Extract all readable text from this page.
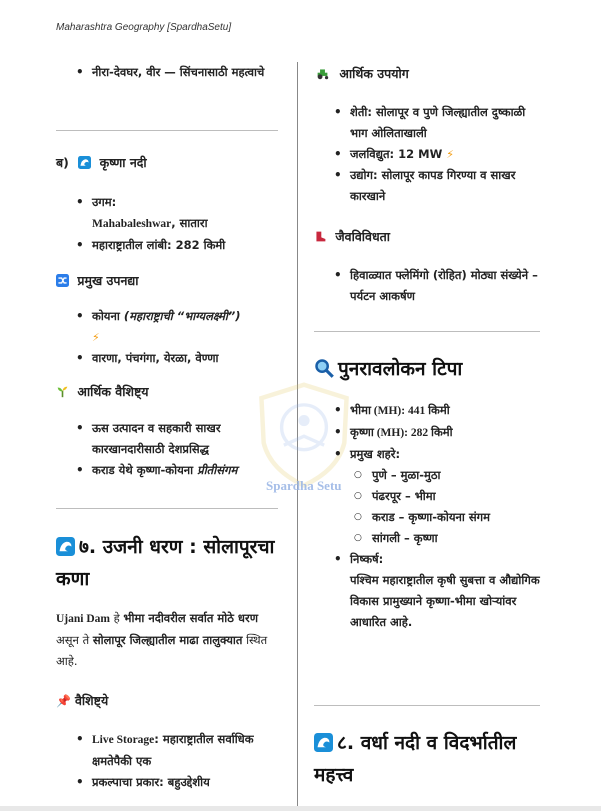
Maharashtra Geography [SpardhaSetu]
Spardha Setu
• नीरा-देवघर, वीर — सिंचनासाठी महत्वाचे
ब) कृष्णा नदी
• उगम:
Mahabaleshwar, सातारा
• महाराष्ट्रातील लांबी: 282 किमी
प्रमुख उपनद्या
• कोयना (महाराष्ट्राची “भाग्यलक्ष्मी”)
⚡
• वारणा, पंचगंगा, येरळा, वेण्णा
आर्थिक वैशिष्ट्य
• ऊस उत्पादन व सहकारी साखर कारखानदारीसाठी देशप्रसिद्ध
• कराड येथे कृष्णा-कोयना प्रीतीसंगम
७. उजनी धरण : सोलापूरचा कणा
Ujani Dam हे भीमा नदीवरील सर्वात मोठे धरण असून ते सोलापूर जिल्ह्यातील माढा तालुक्यात स्थित आहे.
📌 वैशिष्ट्ये
• Live Storage: महाराष्ट्रातील सर्वाधिक क्षमतेपैकी एक
• प्रकल्पाचा प्रकार: बहुउद्देशीय
आर्थिक उपयोग
• शेती: सोलापूर व पुणे जिल्ह्यातील दुष्काळी भाग ओलिताखाली
• जलविद्युत: 12 MW ⚡
• उद्योग: सोलापूर कापड गिरण्या व साखर कारखाने
जैवविविधता
• हिवाळ्यात फ्लेमिंगो (रोहित) मोठ्या संख्येने – पर्यटन आकर्षण
पुनरावलोकन टिपा
• भीमा (MH): 441 किमी
• कृष्णा (MH): 282 किमी
• प्रमुख शहरे:
○ पुणे – मुळा-मुठा
○ पंढरपूर – भीमा
○ कराड – कृष्णा-कोयना संगम
○ सांगली – कृष्णा
• निष्कर्ष:
पश्चिम महाराष्ट्रातील कृषी सुबत्ता व औद्योगिक विकास प्रामुख्याने कृष्णा-भीमा खोऱ्यांवर आधारित आहे.
८. वर्धा नदी व विदर्भातील महत्त्व
